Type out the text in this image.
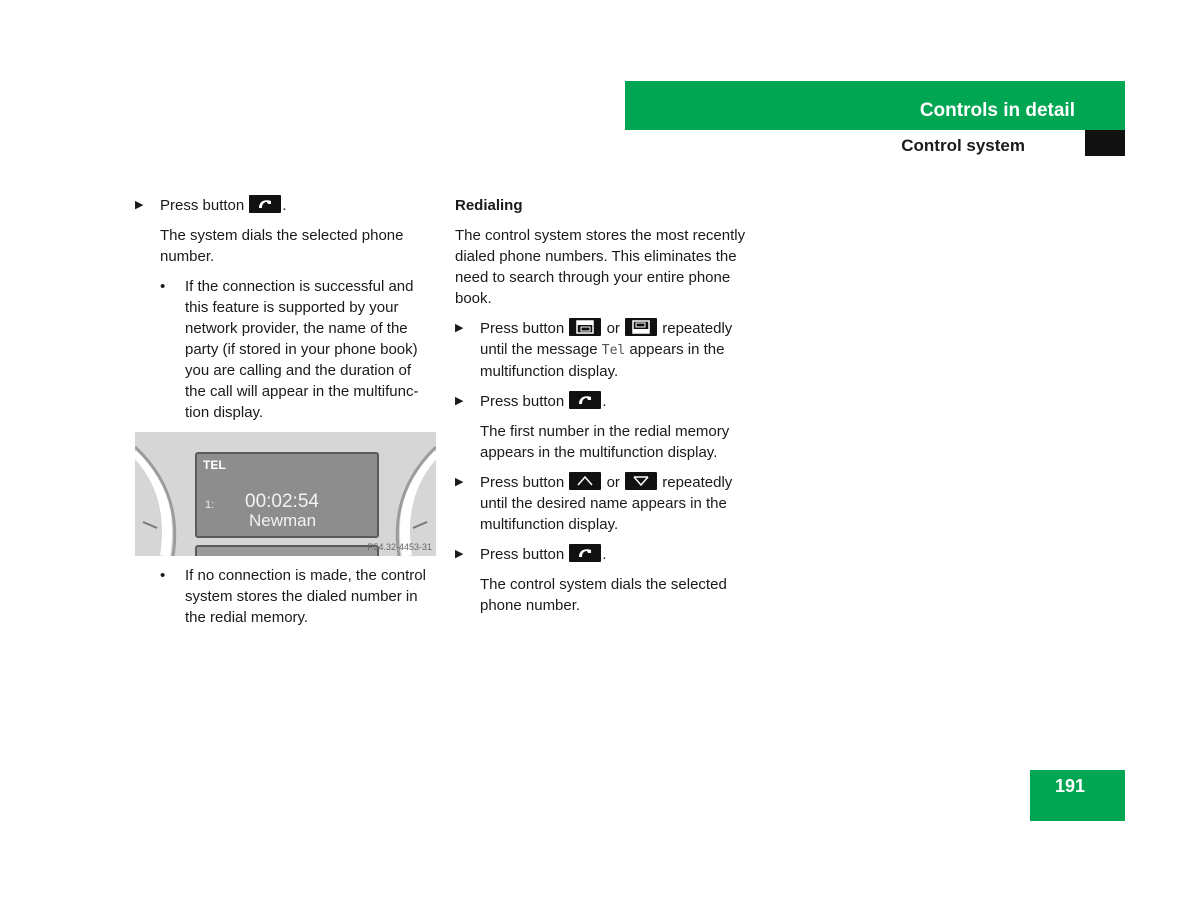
Controls in detail
Control system
▶ Press button	.

The system dials the selected phone number.

• If the connection is successful and this feature is supported by your network provider, the name of the party (if stored in your phone book) you are calling and the duration of the call will appear in the multifunc-tion display.
TEL
1: 00:02:54
Newman
P54.32-4453-31
• If no connection is made, the control system stores the dialed number in the redial memory.
Redialing

The control system stores the most recently dialed phone numbers. This eliminates the need to search through your entire phone book.

▶ Press button	or	repeatedly until the message Tel appears in the multifunction display.
▶ Press button	.

The first number in the redial memory appears in the multifunction display.

▶ Press button	or	repeatedly until the desired name appears in the multifunction display.
▶ Press button	.

The control system dials the selected phone number.

191
